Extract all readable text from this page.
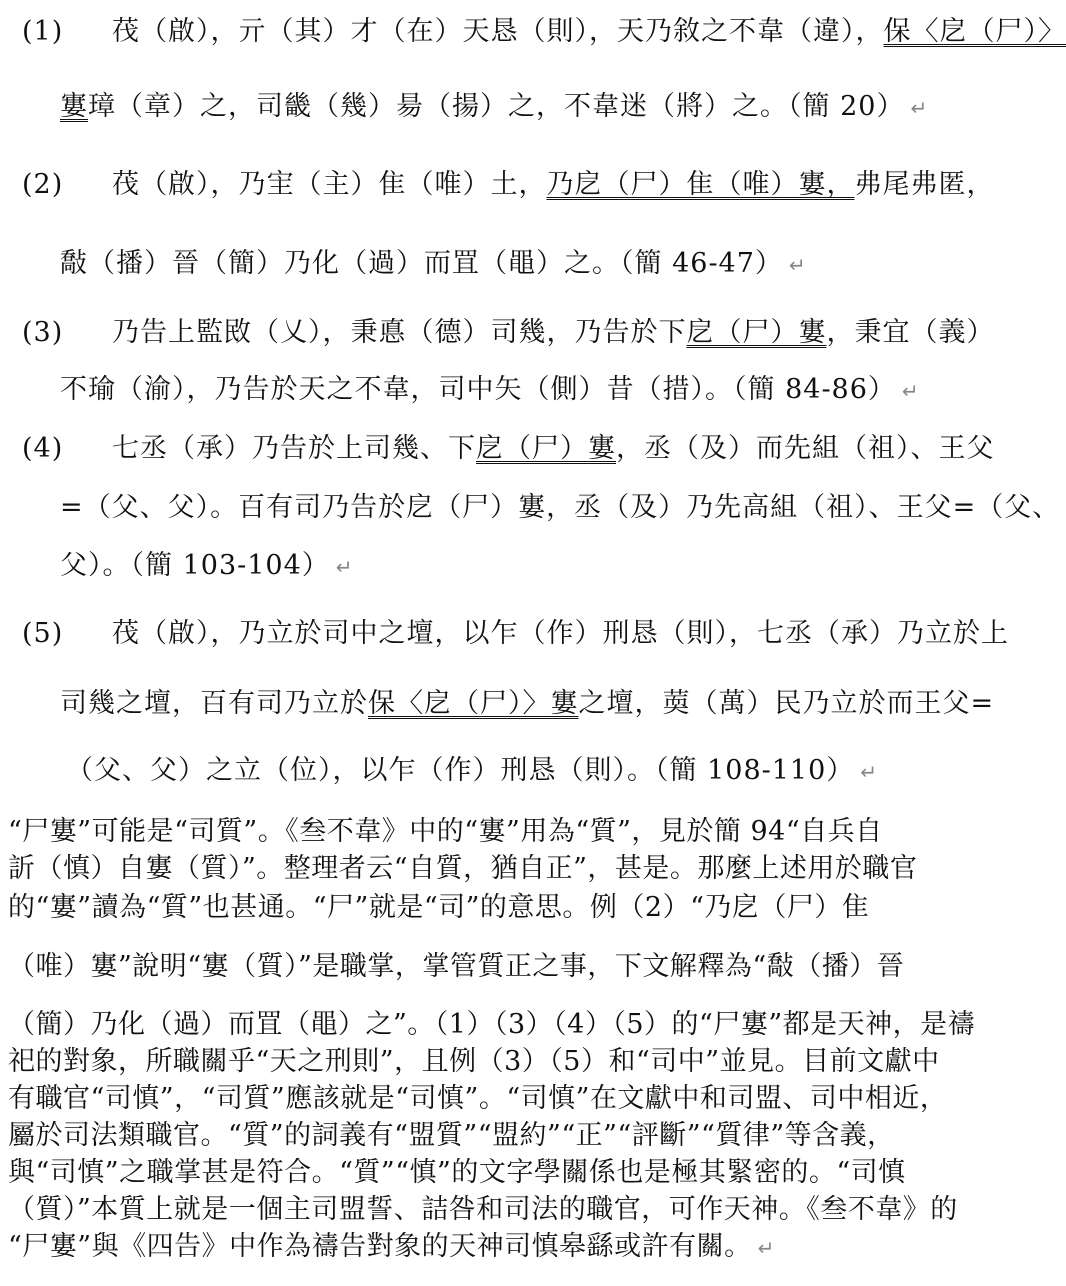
(1) 茷（啟），亓（其）才（在）天恳（則），天乃敘之不韋（違），保〈戹（尸）〉
寠璋（章）之，司畿（幾）昜（揚）之，不韋迷（將）之。（簡 20） ↵
(2) 茷（啟），乃宔（主）隹（唯）土，乃戹（尸）隹（唯）寠，弗尾弗匿，
敽（播）晉（簡）乃化（過）而罝（黽）之。（簡 46-47） ↵
(3) 乃告上監敃（乂），秉悳（德）司幾，乃告於下戹（尸）寠，秉宜（義）
不瑜（渝），乃告於天之不韋，司中矢（側）昔（措）。（簡 84-86） ↵
(4) 七丞（承）乃告於上司幾、下戹（尸）寠，丞（及）而先組（祖）、王父
=（父、父）。百有司乃告於戹（尸）寠，丞（及）乃先高組（祖）、王父=（父、
父）。（簡 103-104） ↵
(5) 茷（啟），乃立於司中之壇，以乍（作）刑恳（則），七丞（承）乃立於上
司幾之壇，百有司乃立於保〈戹（尸）〉寠之壇，䓴（萬）民乃立於而王父=
（父、父）之立（位），以乍（作）刑恳（則）。（簡 108-110） ↵
“尸寠”可能是“司質”。《叁不韋》中的“寠”用為“質”，見於簡 94“自兵自
訢（慎）自寠（質）”。整理者云“自質，猶自正”，甚是。那麼上述用於職官
的“寠”讀為“質”也甚通。“尸”就是“司”的意思。例（2）“乃戹（尸）隹
（唯）寠”說明“寠（質）”是職掌，掌管質正之事，下文解釋為“敽（播）晉
（簡）乃化（過）而罝（黽）之”。（1）（3）（4）（5）的“尸寠”都是天神，是禱
祀的對象，所職關乎“天之刑則”，且例（3）（5）和“司中”並見。目前文獻中
有職官“司慎”，“司質”應該就是“司慎”。“司慎”在文獻中和司盟、司中相近，
屬於司法類職官。“質”的詞義有“盟質”“盟約”“正”“評斷”“質律”等含義，
與“司慎”之職掌甚是符合。“質”“慎”的文字學關係也是極其緊密的。“司慎
（質）”本質上就是一個主司盟誓、詰咎和司法的職官，可作天神。《叁不韋》的
“尸寠”與《四告》中作為禱告對象的天神司慎皋繇或許有關。 ↵
